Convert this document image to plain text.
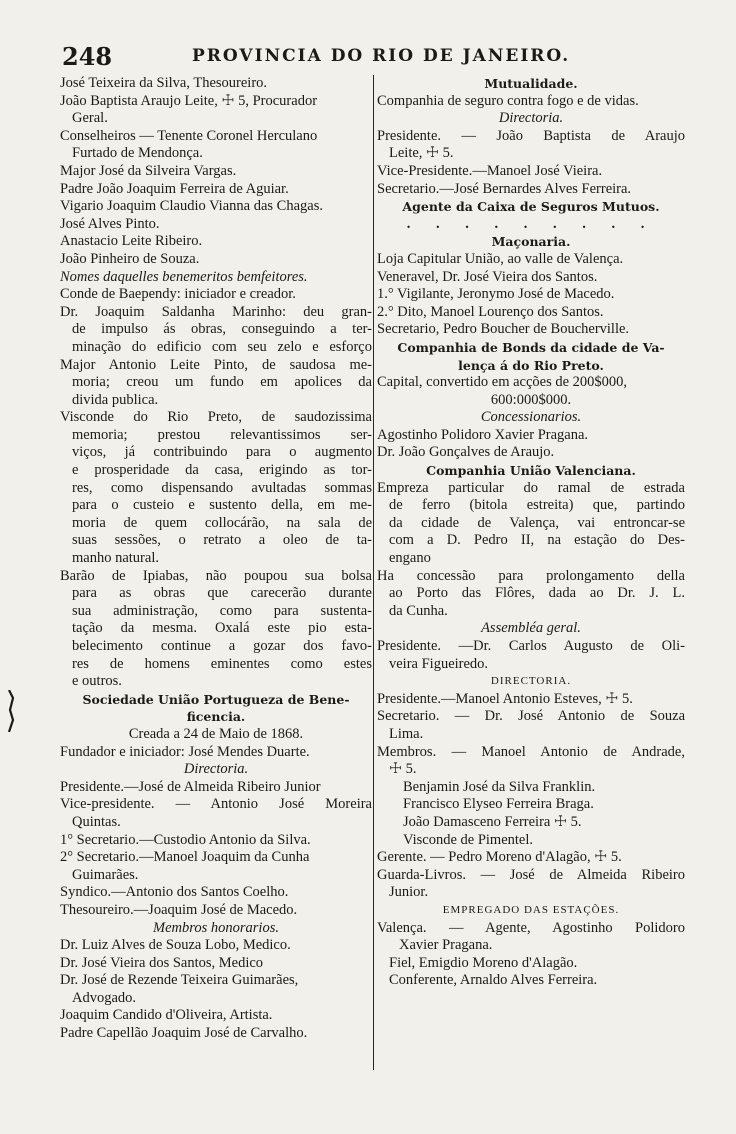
248	PROVINCIA DO RIO DE JANEIRO.
José Teixeira da Silva, Thesoureiro.
João Baptista Araujo Leite, ☩ 5, Procurador
Geral.
Conselheiros — Tenente Coronel Herculano
Furtado de Mendonça.
Major José da Silveira Vargas.
Padre João Joaquim Ferreira de Aguiar.
Vigario Joaquim Claudio Vianna das Chagas.
José Alves Pinto.
Anastacio Leite Ribeiro.
João Pinheiro de Souza.
Nomes daquelles benemeritos bemfeitores.
Conde de Baependy: iniciador e creador.
Dr. Joaquim Saldanha Marinho: deu gran-
de impulso ás obras, conseguindo a ter-
minação do edificio com seu zelo e esforço
Major Antonio Leite Pinto, de saudosa me-
moria; creou um fundo em apolices da
divida publica.
Visconde do Rio Preto, de saudozissima
memoria; prestou relevantissimos ser-
viços, já contribuindo para o augmento
e prosperidade da casa, erigindo as tor-
res, como dispensando avultadas sommas
para o custeio e sustento della, em me-
moria de quem collocárão, na sala de
suas sessões, o retrato a oleo de ta-
manho natural.
Barão de Ipiabas, não poupou sua bolsa
para as obras que carecerão durante
sua administração, como para sustenta-
tação da mesma. Oxalá este pio esta-
belecimento continue a gozar dos favo-
res de homens eminentes como estes
e outros.
Sociedade União Portugueza de Bene-
ficencia.
Creada a 24 de Maio de 1868.
Fundador e iniciador: José Mendes Duarte.
Directoria.
Presidente.—José de Almeida Ribeiro Junior
Vice-presidente. — Antonio José Moreira
Quintas.
1° Secretario.—Custodio Antonio da Silva.
2° Secretario.—Manoel Joaquim da Cunha
Guimarães.
Syndico.—Antonio dos Santos Coelho.
Thesoureiro.—Joaquim José de Macedo.
Membros honorarios.
Dr. Luiz Alves de Souza Lobo, Medico.
Dr. José Vieira dos Santos, Medico
Dr. José de Rezende Teixeira Guimarães,
Advogado.
Joaquim Candido d'Oliveira, Artista.
Padre Capellão Joaquim José de Carvalho.
Mutualidade.
Companhia de seguro contra fogo e de vidas.
Directoria.
Presidente. — João Baptista de Araujo
Leite, ☩ 5.
Vice-Presidente.—Manoel José Vieira.
Secretario.—José Bernardes Alves Ferreira.
Agente da Caixa de Seguros Mutuos.
. . . . . . . . .
Maçonaria.
Loja Capitular União, ao valle de Valença.
Veneravel, Dr. José Vieira dos Santos.
1.° Vigilante, Jeronymo José de Macedo.
2.° Dito, Manoel Lourenço dos Santos.
Secretario, Pedro Boucher de Boucherville.
Companhia de Bonds da cidade de Va-
lença á do Rio Preto.
Capital, convertido em acções de 200$000,
600:000$000.
Concessionarios.
Agostinho Polidoro Xavier Pragana.
Dr. João Gonçalves de Araujo.
Companhia União Valenciana.
Empreza particular do ramal de estrada
de ferro (bitola estreita) que, partindo
da cidade de Valença, vai entroncar-se
com a D. Pedro II, na estação do Des-
engano
Ha concessão para prolongamento della
ao Porto das Flôres, dada ao Dr. J. L.
da Cunha.
Assembléa geral.
Presidente. —Dr. Carlos Augusto de Oli-
veira Figueiredo.
DIRECTORIA.
Presidente.—Manoel Antonio Esteves, ☩ 5.
Secretario. — Dr. José Antonio de Souza
Lima.
Membros. — Manoel Antonio de Andrade,
☩ 5.
Benjamin José da Silva Franklin.
Francisco Elyseo Ferreira Braga.
João Damasceno Ferreira ☩ 5.
Visconde de Pimentel.
Gerente. — Pedro Moreno d'Alagão, ☩ 5.
Guarda-Livros. — José de Almeida Ribeiro
Junior.
EMPREGADO DAS ESTAÇÕES.
Valença. — Agente, Agostinho Polidoro
Xavier Pragana.
Fiel, Emigdio Moreno d'Alagão.
Conferente, Arnaldo Alves Ferreira.
